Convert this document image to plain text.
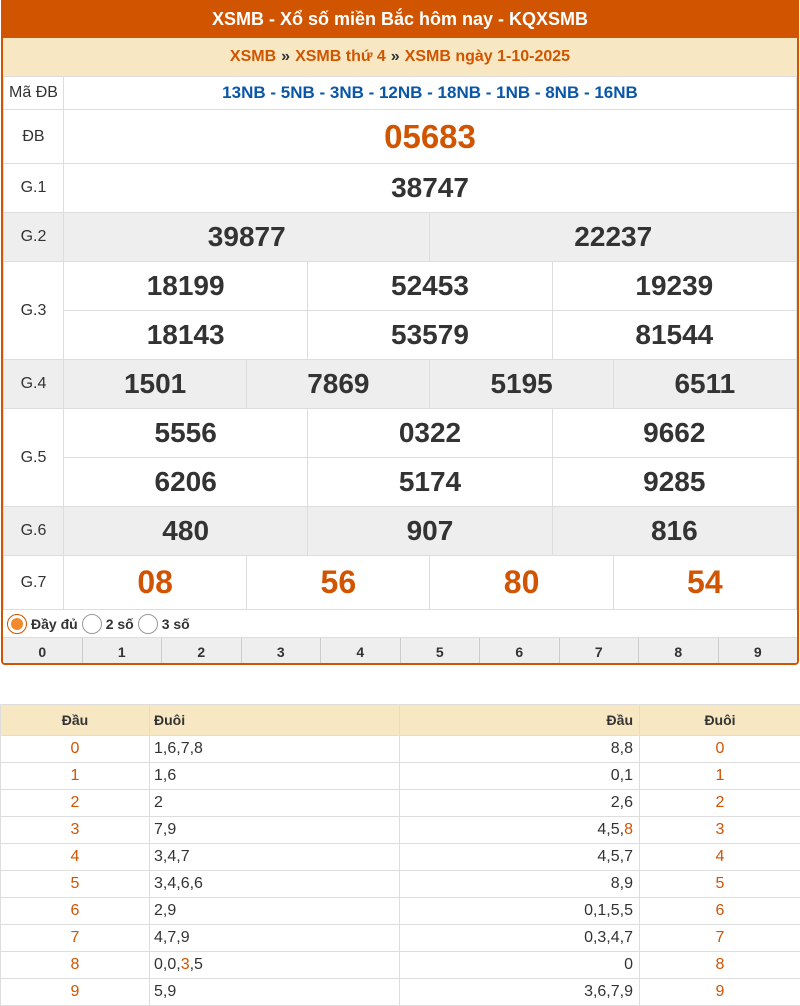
XSMB - Xổ số miền Bắc hôm nay - KQXSMB
XSMB » XSMB thứ 4 » XSMB ngày 1-10-2025
Mã ĐB	13NB - 5NB - 3NB - 12NB - 18NB - 1NB - 8NB - 16NB					
ĐB	05683					
G.1	38747					
G.2	39877			22237		
G.3	18199		52453		19239	
	18143		53579		81544	
G.4	1501	7869		5195		6511
G.5	5556		0322		9662	
	6206		5174		9285	
G.6	480		907		816	
G.7	08	56		80		54
Đầy đủ 2 số 3 số
0	1	2	3	4	5	6	7	8	9
Đầu	Đuôi	Đầu	Đuôi
0	1,6,7,8	8,8	0
1	1,6	0,1	1
2	2	2,6	2
3	7,9	4,5,8	3
4	3,4,7	4,5,7	4
5	3,4,6,6	8,9	5
6	2,9	0,1,5,5	6
7	4,7,9	0,3,4,7	7
8	0,0,3,5	0	8
9	5,9	3,6,7,9	9
